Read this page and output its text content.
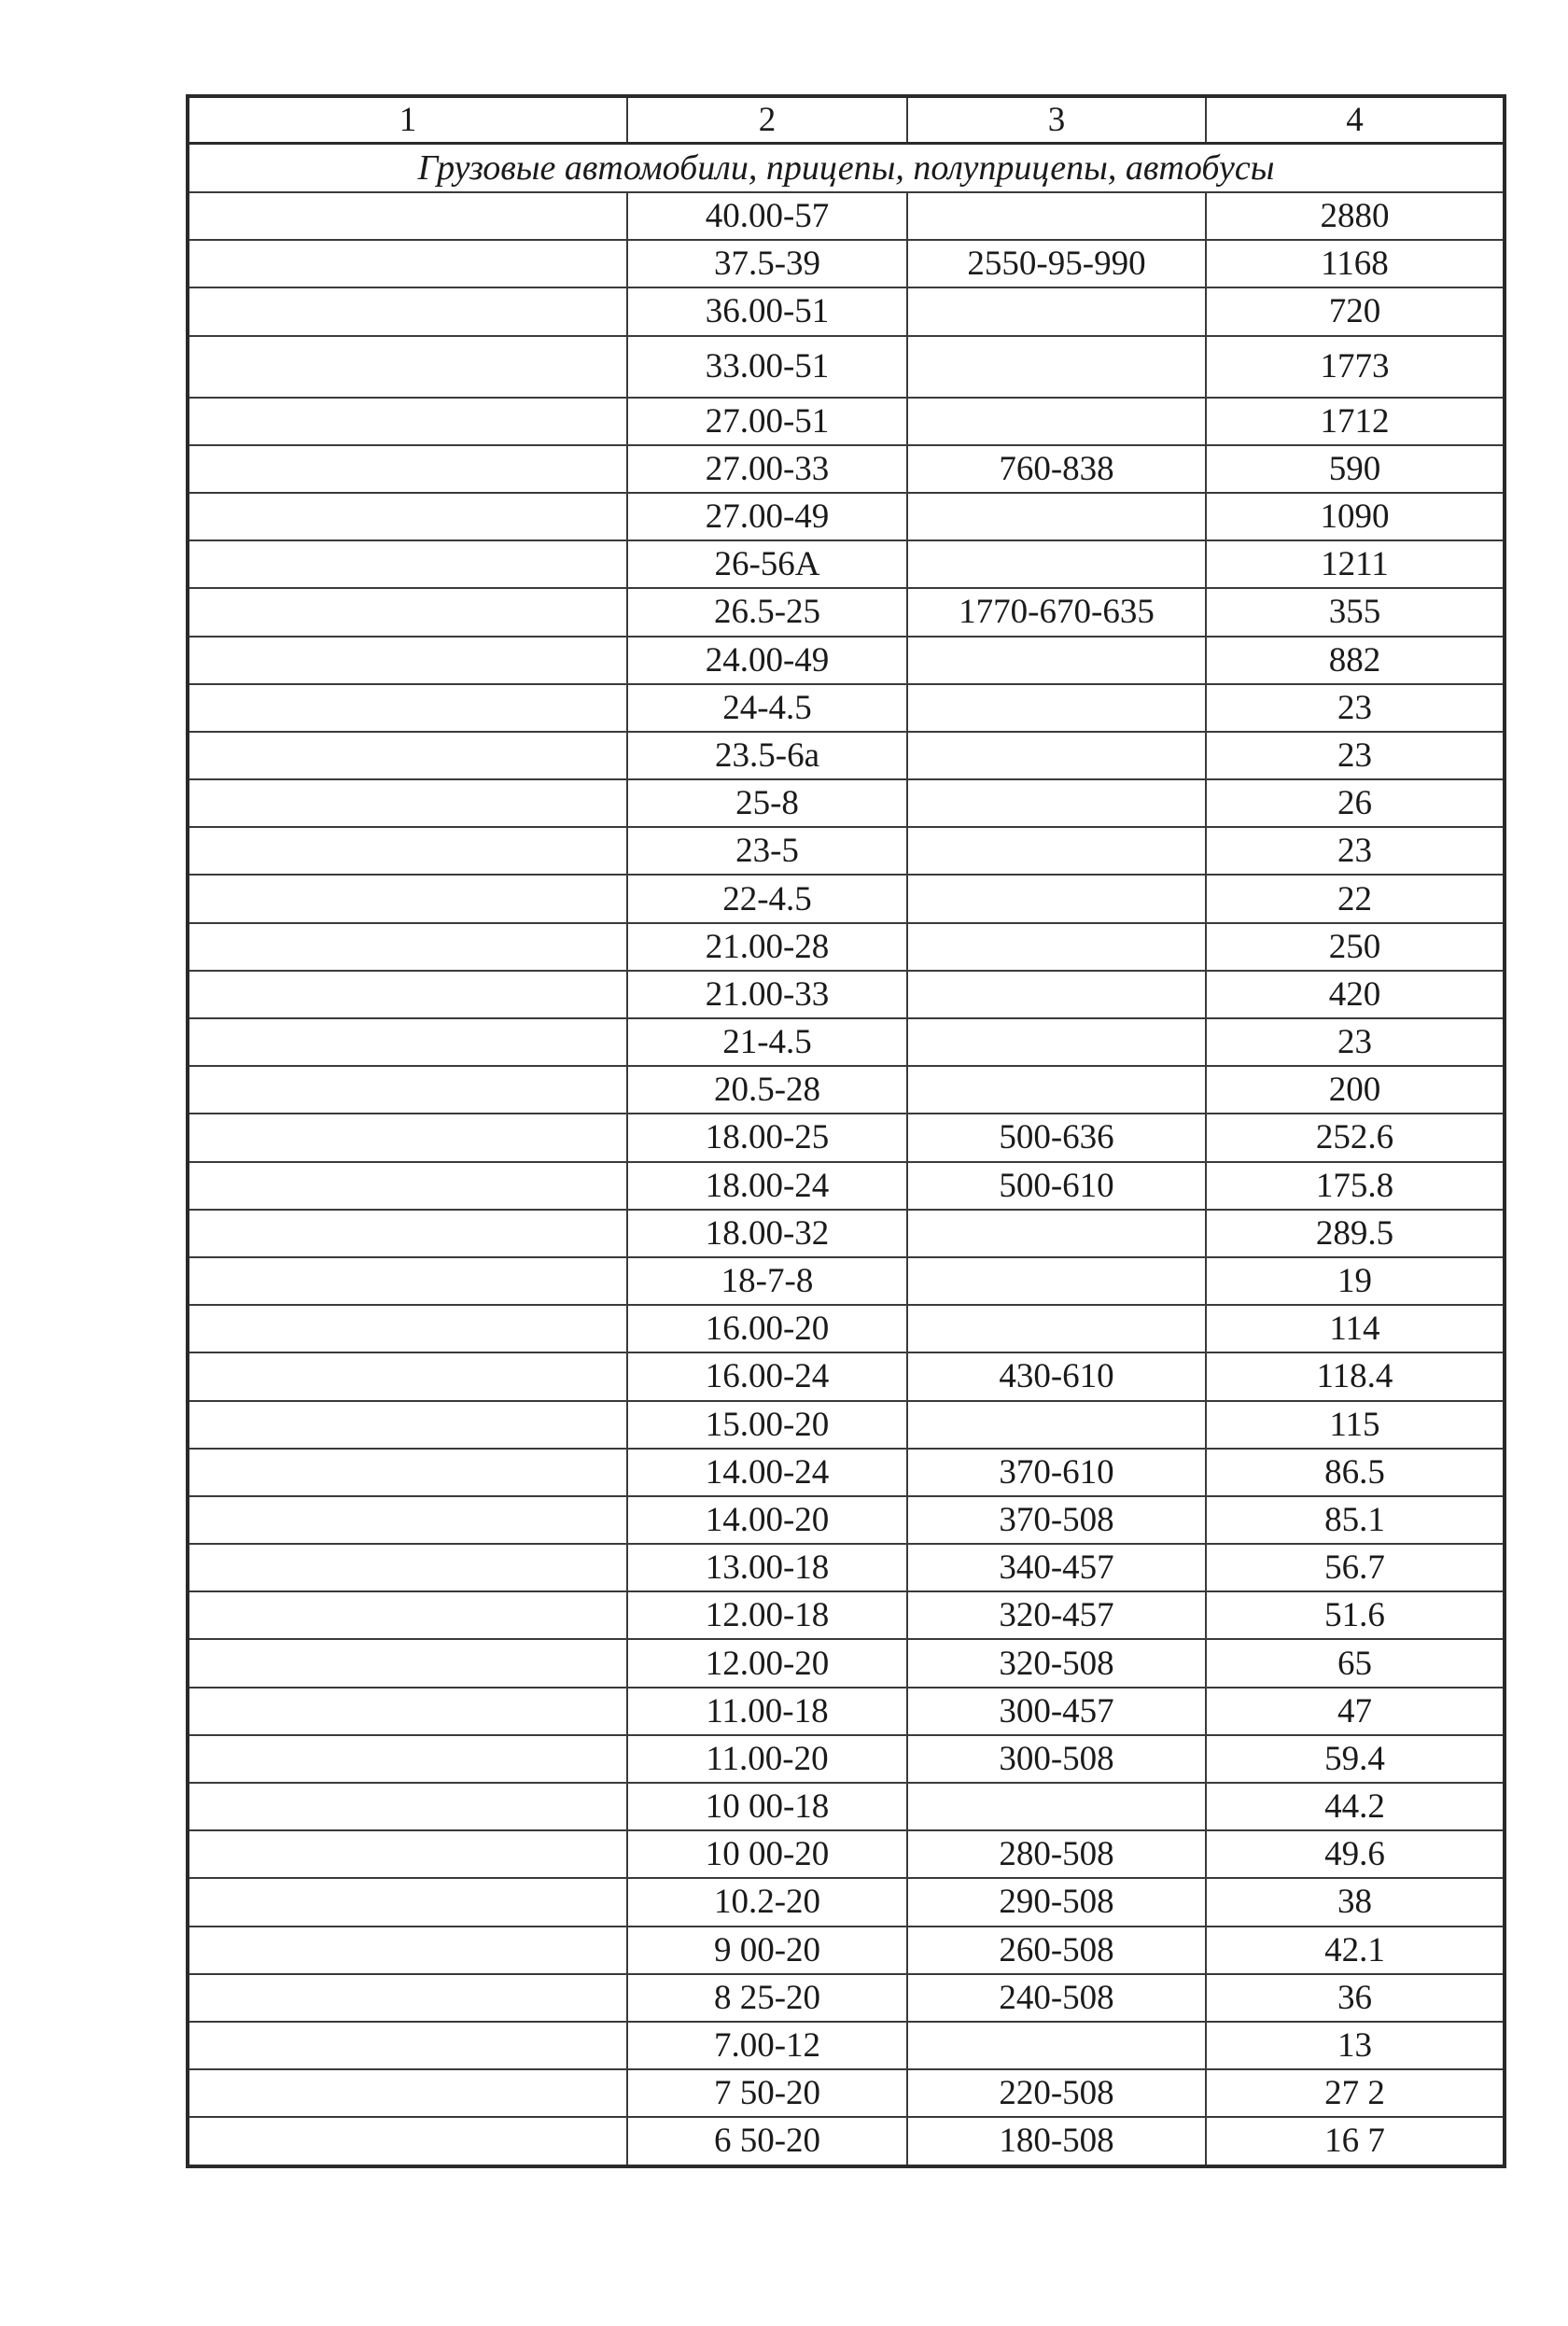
1	2	3	4
Грузовые автомобили, прицепы, полуприцепы, автобусы			
	40.00-57		2880
	37.5-39	2550-95-990	1168
	36.00-51		720
	33.00-51		1773
	27.00-51		1712
	27.00-33	760-838	590
	27.00-49		1090
	26-56A		1211
	26.5-25	1770-670-635	355
	24.00-49		882
	24-4.5		23
	23.5-6a		23
	25-8		26
	23-5		23
	22-4.5		22
	21.00-28		250
	21.00-33		420
	21-4.5		23
	20.5-28		200
	18.00-25	500-636	252.6
	18.00-24	500-610	175.8
	18.00-32		289.5
	18-7-8		19
	16.00-20		114
	16.00-24	430-610	118.4
	15.00-20		115
	14.00-24	370-610	86.5
	14.00-20	370-508	85.1
	13.00-18	340-457	56.7
	12.00-18	320-457	51.6
	12.00-20	320-508	65
	11.00-18	300-457	47
	11.00-20	300-508	59.4
	10 00-18		44.2
	10 00-20	280-508	49.6
	10.2-20	290-508	38
	9 00-20	260-508	42.1
	8 25-20	240-508	36
	7.00-12		13
	7 50-20	220-508	27 2
	6 50-20	180-508	16 7
